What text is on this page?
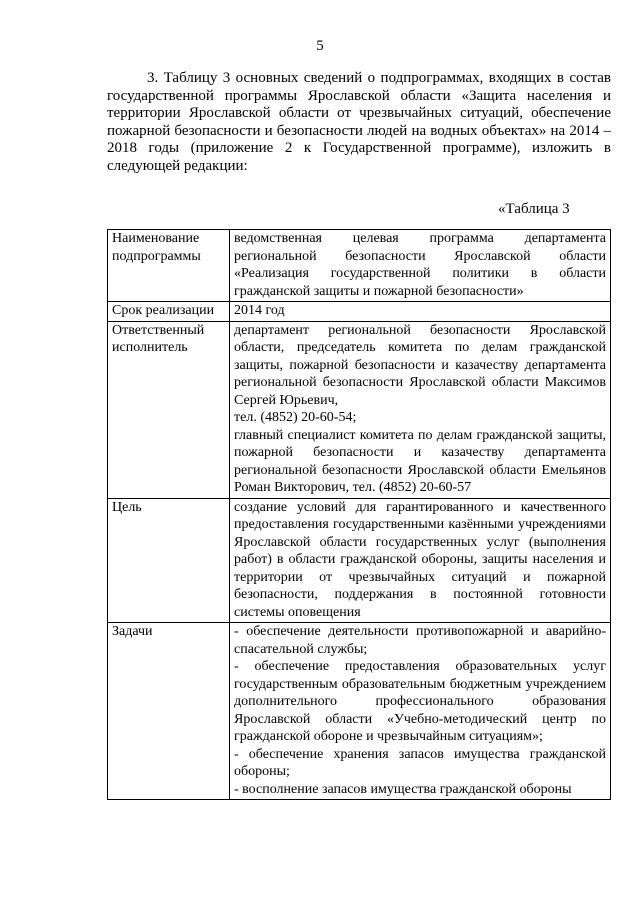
5

3. Таблицу 3 основных сведений о подпрограммах, входящих в состав государственной программы Ярославской области «Защита населения и территории Ярославской области от чрезвычайных ситуаций, обеспечение пожарной безопасности и безопасности людей на водных объектах» на 2014 – 2018 годы (приложение 2 к Государственной программе), изложить в следующей редакции:

«Таблица 3
Наименование подпрограммы	ведомственная целевая программа департамента региональной безопасности Ярославской области «Реализация государственной политики в области гражданской защиты и пожарной безопасности»

Срок реализации	2014 год

Ответственный исполнитель	департамент региональной безопасности Ярославской области, председатель комитета по делам гражданской защиты, пожарной безопасности и казачеству департамента региональной безопасности Ярославской области Максимов Сергей Юрьевич,

тел. (4852) 20-60-54;

главный специалист комитета по делам гражданской защиты, пожарной безопасности и казачеству департамента региональной безопасности Ярославской области Емельянов Роман Викторович, тел. (4852) 20-60-57

Цель	создание условий для гарантированного и качественного предоставления государственными казёнными учреждениями Ярославской области государственных услуг (выполнения работ) в области гражданской обороны, защиты населения и территории от чрезвычайных ситуаций и пожарной безопасности, поддержания в постоянной готовности системы оповещения

Задачи	- обеспечение деятельности противопожарной и аварийно-спасательной службы;

- обеспечение предоставления образовательных услуг государственным образовательным бюджетным учреждением дополнительного профессионального образования Ярославской области «Учебно-методический центр по гражданской обороне и чрезвычайным ситуациям»;

- обеспечение хранения запасов имущества гражданской обороны;

- восполнение запасов имущества гражданской обороны
